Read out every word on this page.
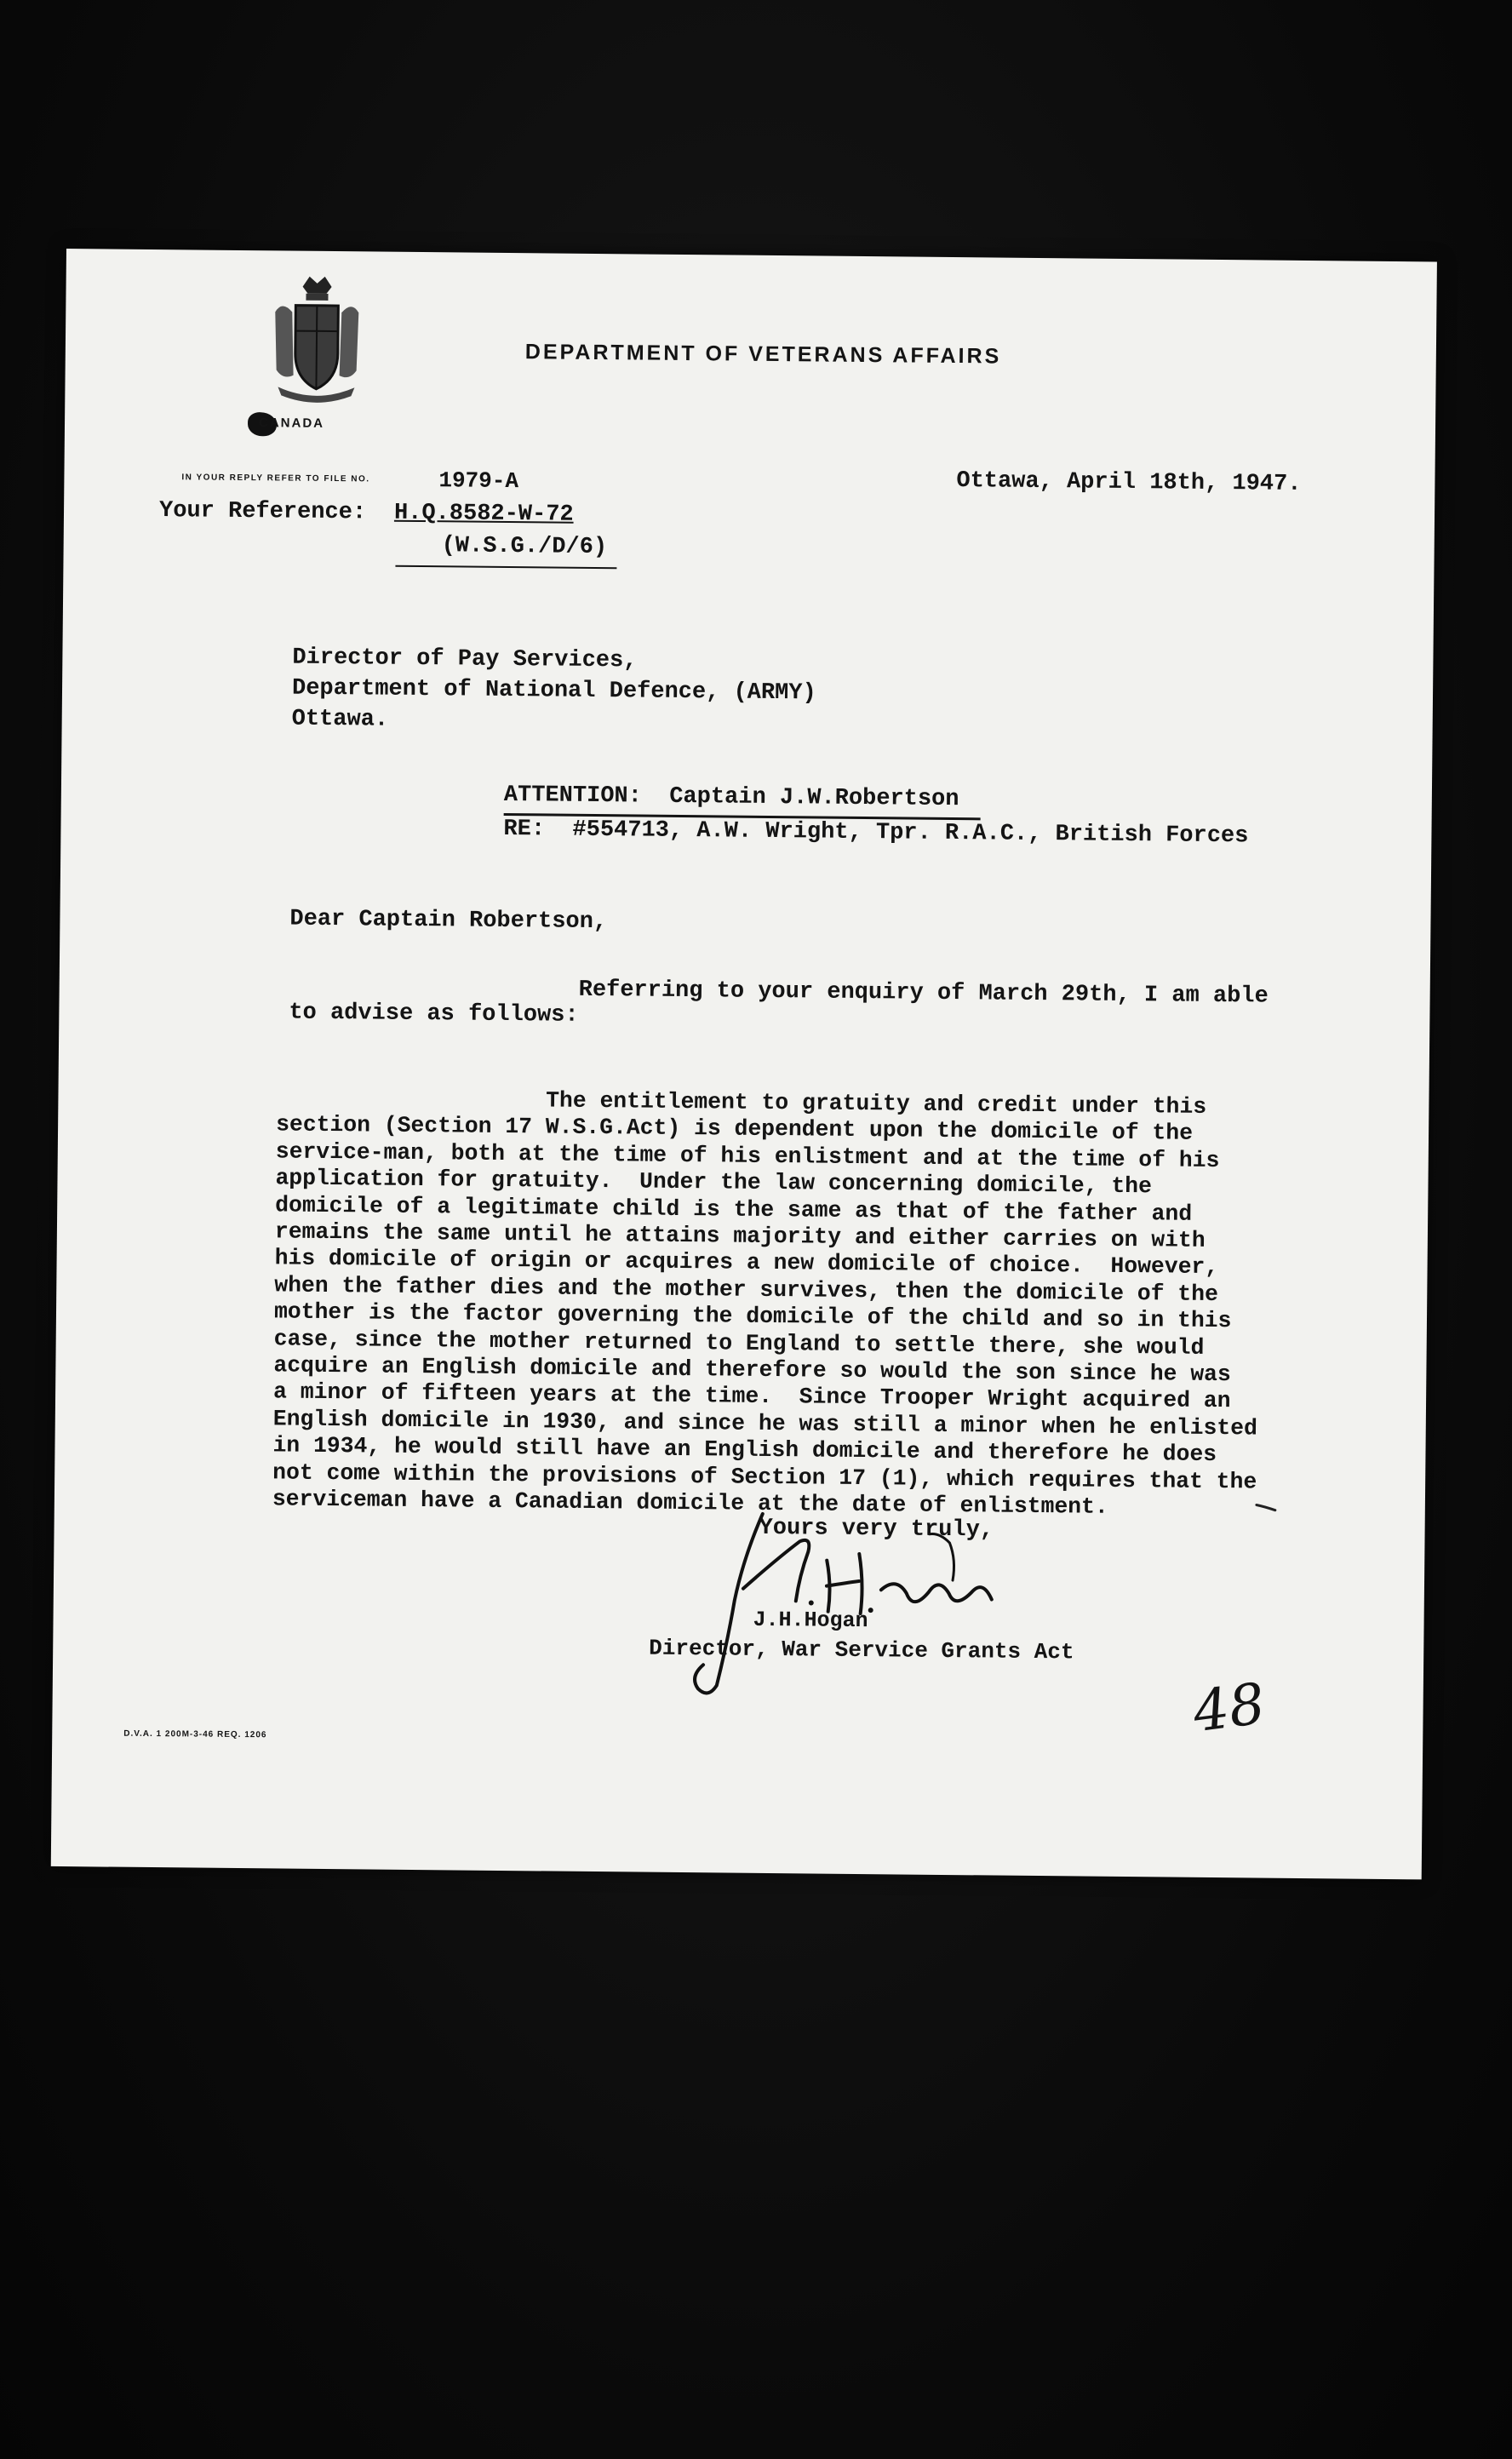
CANADA
DEPARTMENT OF VETERANS AFFAIRS
IN YOUR REPLY REFER TO FILE NO.	1979-A	Ottawa, April 18th, 1947.
Your Reference: H.Q.8582-W-72
(W.S.G./D/6)
Director of Pay Services,
Department of National Defence, (ARMY)
Ottawa.
ATTENTION:  Captain J.W.Robertson
RE:  #554713, A.W. Wright, Tpr. R.A.C., British Forces
Dear Captain Robertson,
Referring to your enquiry of March 29th, I am able
to advise as follows:
The entitlement to gratuity and credit under this
section (Section 17 W.S.G.Act) is dependent upon the domicile of the
service-man, both at the time of his enlistment and at the time of his
application for gratuity.  Under the law concerning domicile, the
domicile of a legitimate child is the same as that of the father and
remains the same until he attains majority and either carries on with
his domicile of origin or acquires a new domicile of choice.  However,
when the father dies and the mother survives, then the domicile of the
mother is the factor governing the domicile of the child and so in this
case, since the mother returned to England to settle there, she would
acquire an English domicile and therefore so would the son since he was
a minor of fifteen years at the time.  Since Trooper Wright acquired an
English domicile in 1930, and since he was still a minor when he enlisted
in 1934, he would still have an English domicile and therefore he does
not come within the provisions of Section 17 (1), which requires that the
serviceman have a Canadian domicile at the date of enlistment.
Yours very truly,
J.H.Hogan
Director, War Service Grants Act
48
D.V.A. 1 200M-3-46 REQ. 1206
